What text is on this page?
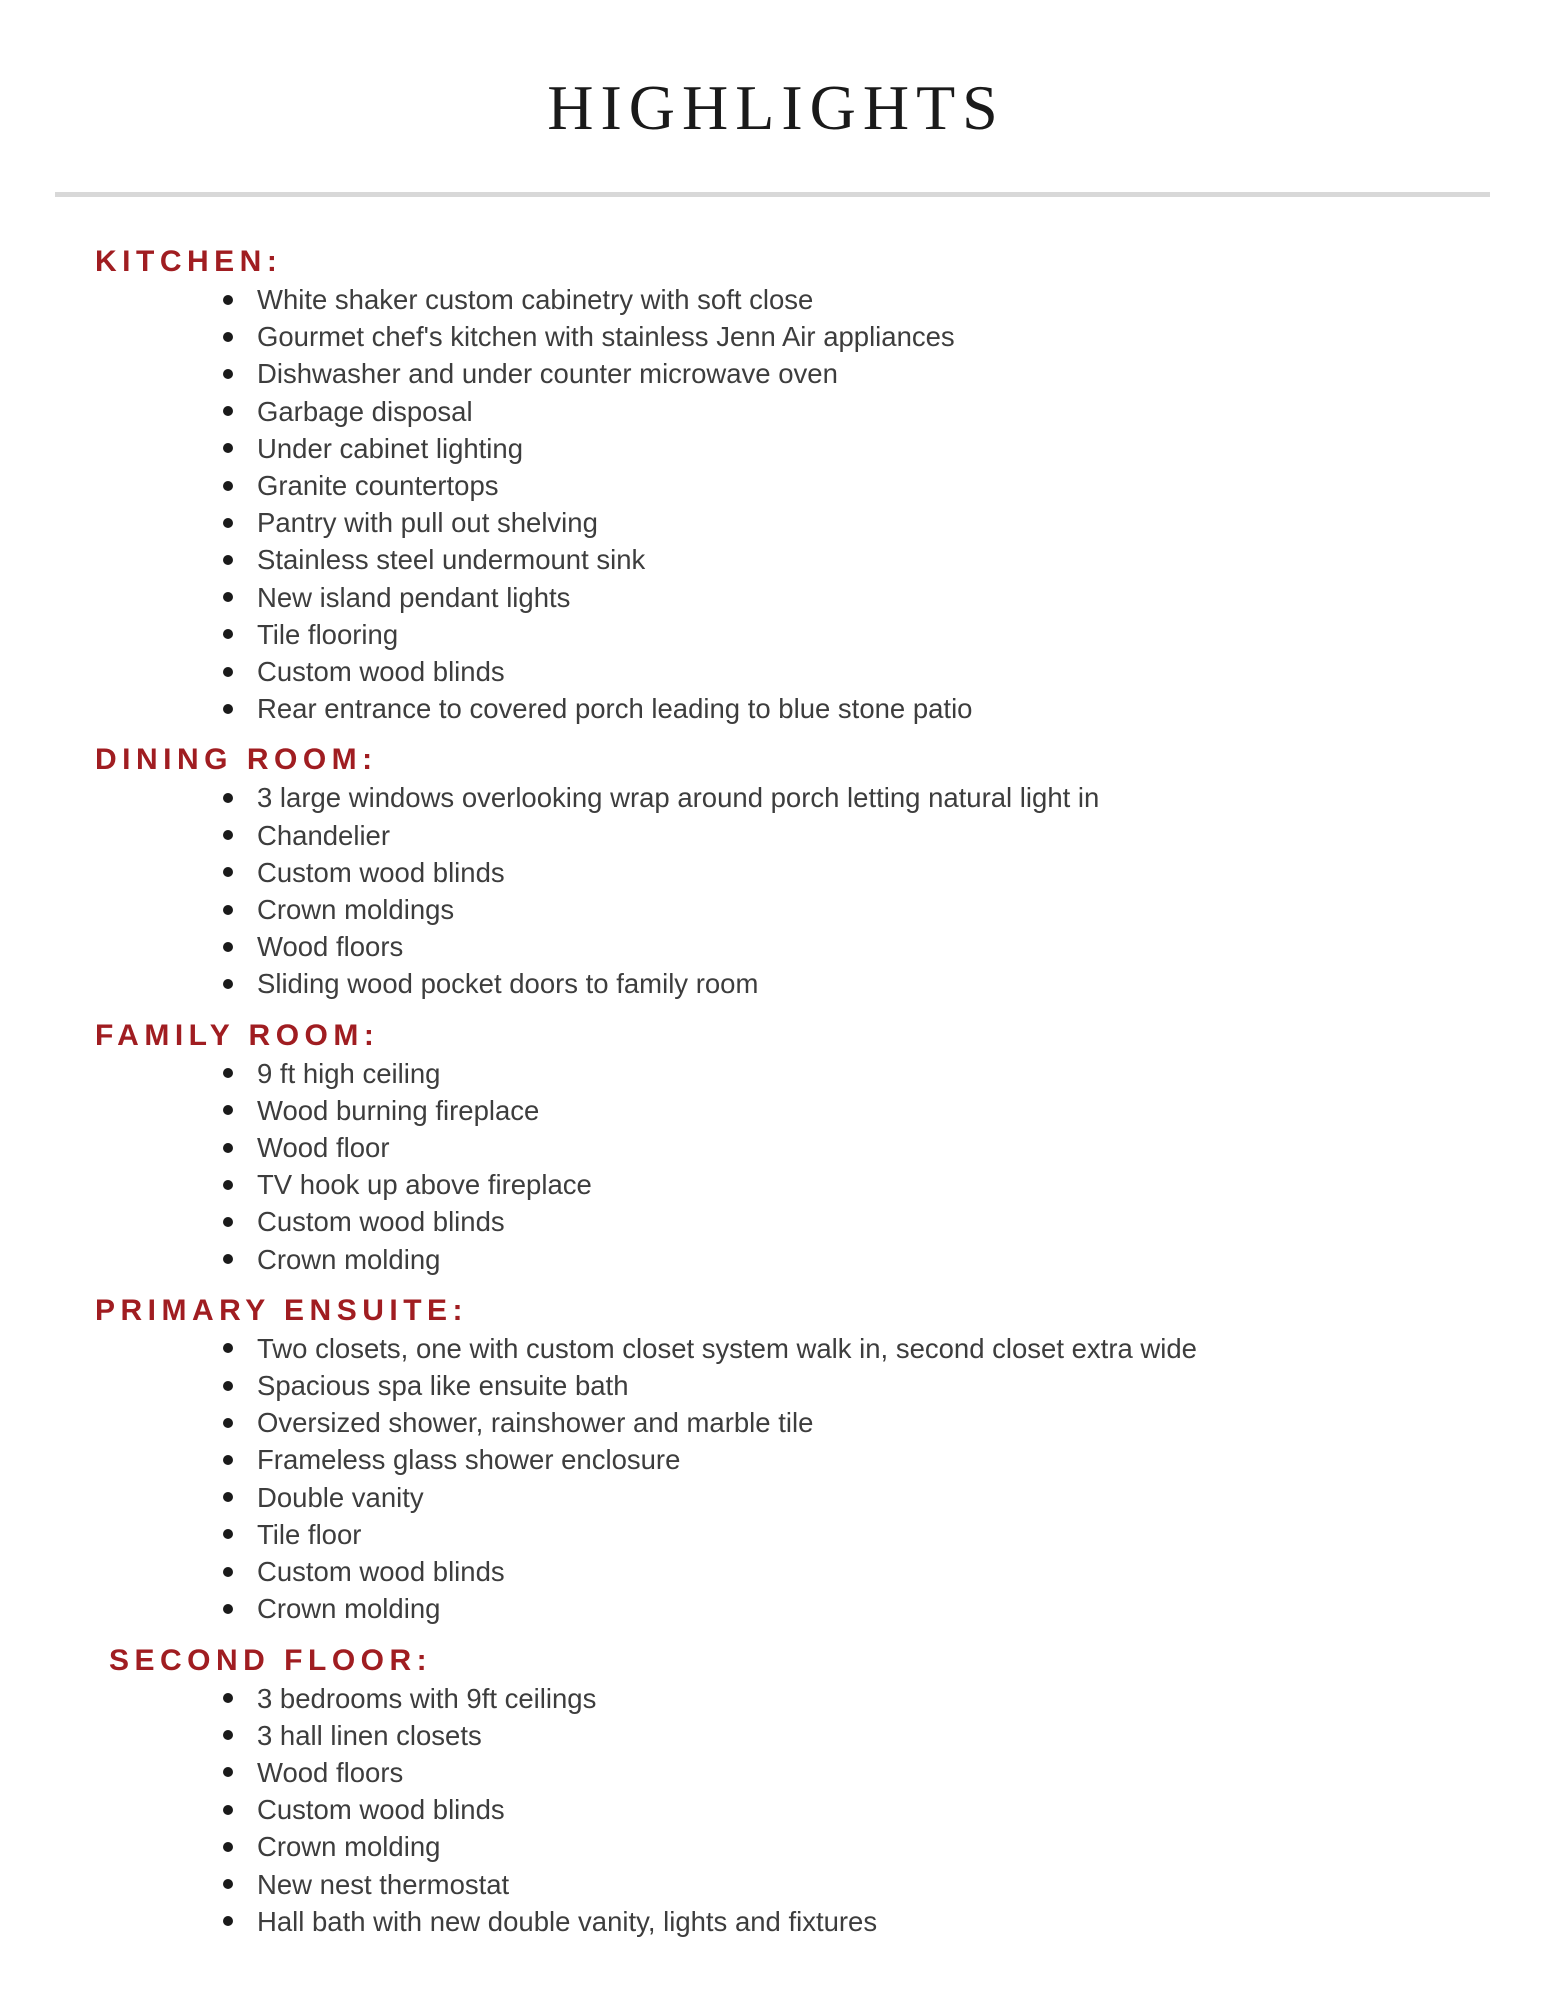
HIGHLIGHTS
KITCHEN:
White shaker custom cabinetry with soft close
Gourmet chef's kitchen with stainless Jenn Air appliances
Dishwasher and under counter microwave oven
Garbage disposal
Under cabinet lighting
Granite countertops
Pantry with pull out shelving
Stainless steel undermount sink
New island pendant lights
Tile flooring
Custom wood blinds
Rear entrance to covered porch leading to blue stone patio
DINING ROOM:
3 large windows overlooking wrap around porch letting natural light in
Chandelier
Custom wood blinds
Crown moldings
Wood floors
Sliding wood pocket doors to family room
FAMILY ROOM:
9 ft high ceiling
Wood burning fireplace
Wood floor
TV hook up above fireplace
Custom wood blinds
Crown molding
PRIMARY ENSUITE:
Two closets, one with custom closet system walk in, second closet extra wide
Spacious spa like ensuite bath
Oversized shower, rainshower and marble tile
Frameless glass shower enclosure
Double vanity
Tile floor
Custom wood blinds
Crown molding
SECOND FLOOR:
3 bedrooms with 9ft ceilings
3 hall linen closets
Wood floors
Custom wood blinds
Crown molding
New nest thermostat
Hall bath with new double vanity, lights and fixtures
